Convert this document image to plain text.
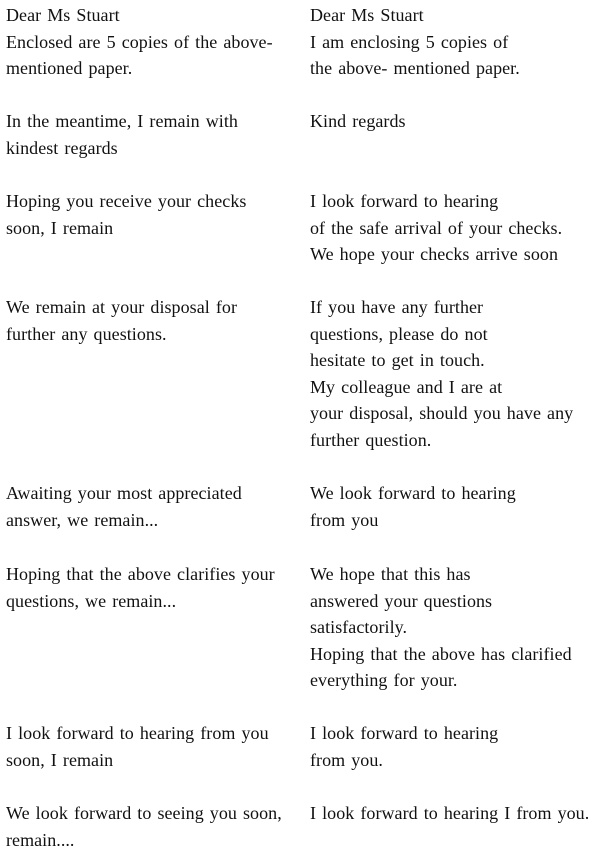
Dear Ms Stuart
Enclosed are 5 copies of the above-
mentioned paper.

Dear Ms Stuart
I am enclosing 5 copies of
the above- mentioned paper.

In the meantime, I remain with
kindest regards

Kind regards

Hoping you receive your checks
soon, I remain

I look forward to hearing
of the safe arrival of your checks.
We hope your checks arrive soon

We remain at your disposal for
further any questions.

If you have any further
questions, please do not
hesitate to get in touch.
My colleague and I are at
your disposal, should you have any
further question.

Awaiting your most appreciated
answer, we remain...

We look forward to hearing
from you

Hoping that the above clarifies your
questions, we remain...

We hope that this has
answered your questions
satisfactorily.
Hoping that the above has clarified
everything for your.

I look forward to hearing from you
soon, I remain

I look forward to hearing
from you.

We look forward to seeing you soon,
remain....

I look forward to hearing I from you.
